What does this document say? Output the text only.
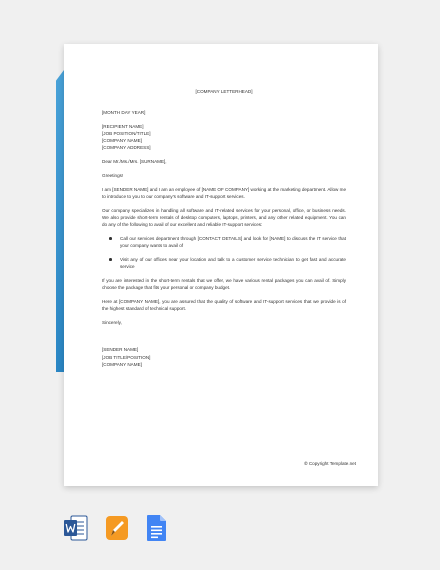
[COMPANY LETTERHEAD]

[MONTH DAY YEAR]

[RECIPIENT NAME]
[JOB POSITION/TITLE]
[COMPANY NAME]
[COMPANY ADDRESS]

Dear Mr./Ms./Mrs. [SURNAME],

Greetings!

I am [SENDER NAME] and I am an employee of [NAME OF COMPANY] working at the marketing department. Allow me to introduce to you to our company's software and IT-support services.

Our company specializes in handling all software and IT-related services for your personal, office, or business needs. We also provide short-term rentals of desktop computers, laptops, printers, and any other related equipment. You can do any of the following to avail of our excellent and reliable IT-support services:

Call our services department through [CONTACT DETAILS] and look for [NAME] to discuss the IT service that your company wants to avail of
Visit any of our offices near your location and talk to a customer service technician to get fast and accurate service

If you are interested in the short-term rentals that we offer, we have various rental packages you can avail of. Simply choose the package that fits your personal or company budget.

Here at [COMPANY NAME], you are assured that the quality of software and IT-support services that we provide is of the highest standard of technical support.

Sincerely,

[SENDER NAME]
[JOB TITLE/POSITION]
[COMPANY NAME]

© Copyright Template.net
